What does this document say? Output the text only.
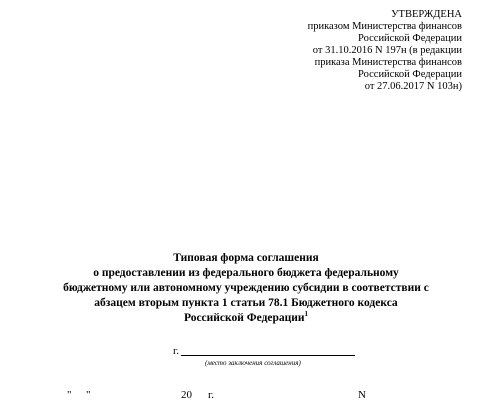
УТВЕРЖДЕНА
приказом Министерства финансов
Российской Федерации
от 31.10.2016 N 197н (в редакции
приказа Министерства финансов
Российской Федерации
от 27.06.2017 N 103н)
Типовая форма соглашения
о предоставлении из федерального бюджета федеральному
бюджетному или автономному учреждению субсидии в соответствии с
абзацем вторым пункта 1 статьи 78.1 Бюджетного кодекса
Российской Федерации$^1$
г.
(место заключения соглашения)
" "	20 г.	N
